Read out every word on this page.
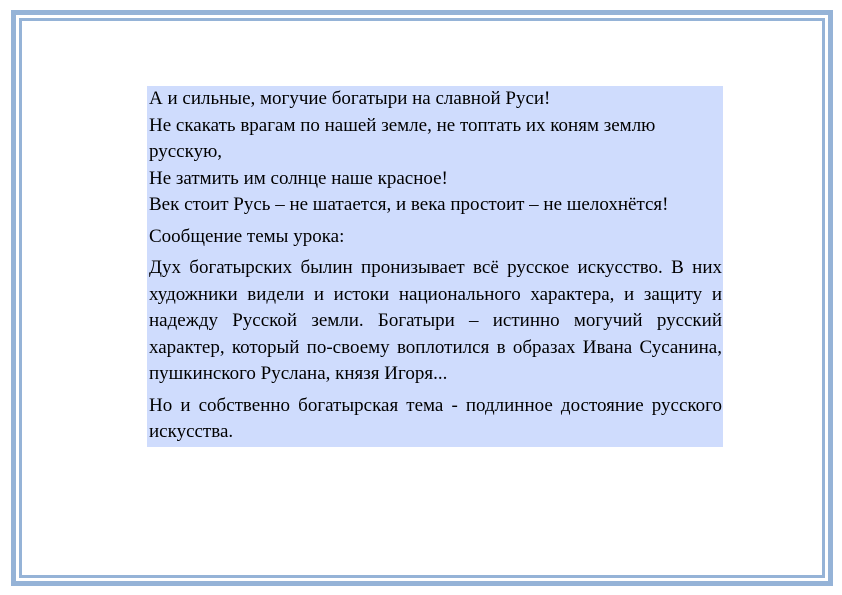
А и сильные, могучие богатыри на славной Руси!
Не скакать врагам по нашей земле, не топтать их коням землю русскую,
Не затмить им солнце наше красное!
Век стоит Русь – не шатается, и века простоит – не шелохнётся!

Сообщение темы урока:

Дух богатырских былин пронизывает всё русское искусство. В них художники видели и истоки национального характера, и защиту и надежду Русской земли. Богатыри – истинно могучий русский характер, который по-своему воплотился в образах Ивана Сусанина, пушкинского Руслана, князя Игоря...

Но и собственно богатырская тема - подлинное достояние русского искусства.
